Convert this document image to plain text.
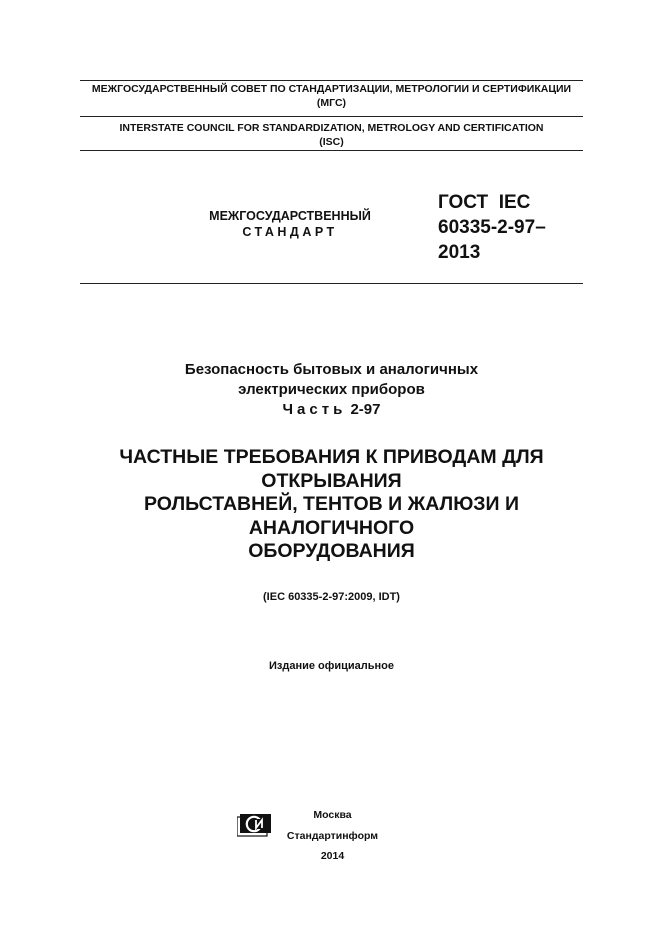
МЕЖГОСУДАРСТВЕННЫЙ СОВЕТ ПО СТАНДАРТИЗАЦИИ, МЕТРОЛОГИИ И СЕРТИФИКАЦИИ
(МГС)
INTERSTATE COUNCIL FOR STANDARDIZATION, METROLOGY AND CERTIFICATION
(ISC)
МЕЖГОСУДАРСТВЕННЫЙ
СТАНДАРТ
ГОСТ  IEC
60335-2-97–
2013
Безопасность бытовых и аналогичных
электрических приборов
Часть 2-97
ЧАСТНЫЕ ТРЕБОВАНИЯ К ПРИВОДАМ ДЛЯ
ОТКРЫВАНИЯ
РОЛЬСТАВНЕЙ, ТЕНТОВ И ЖАЛЮЗИ И
АНАЛОГИЧНОГО
ОБОРУДОВАНИЯ
(IEC 60335-2-97:2009, IDT)
Издание официальное
Москва
Стандартинформ
2014
